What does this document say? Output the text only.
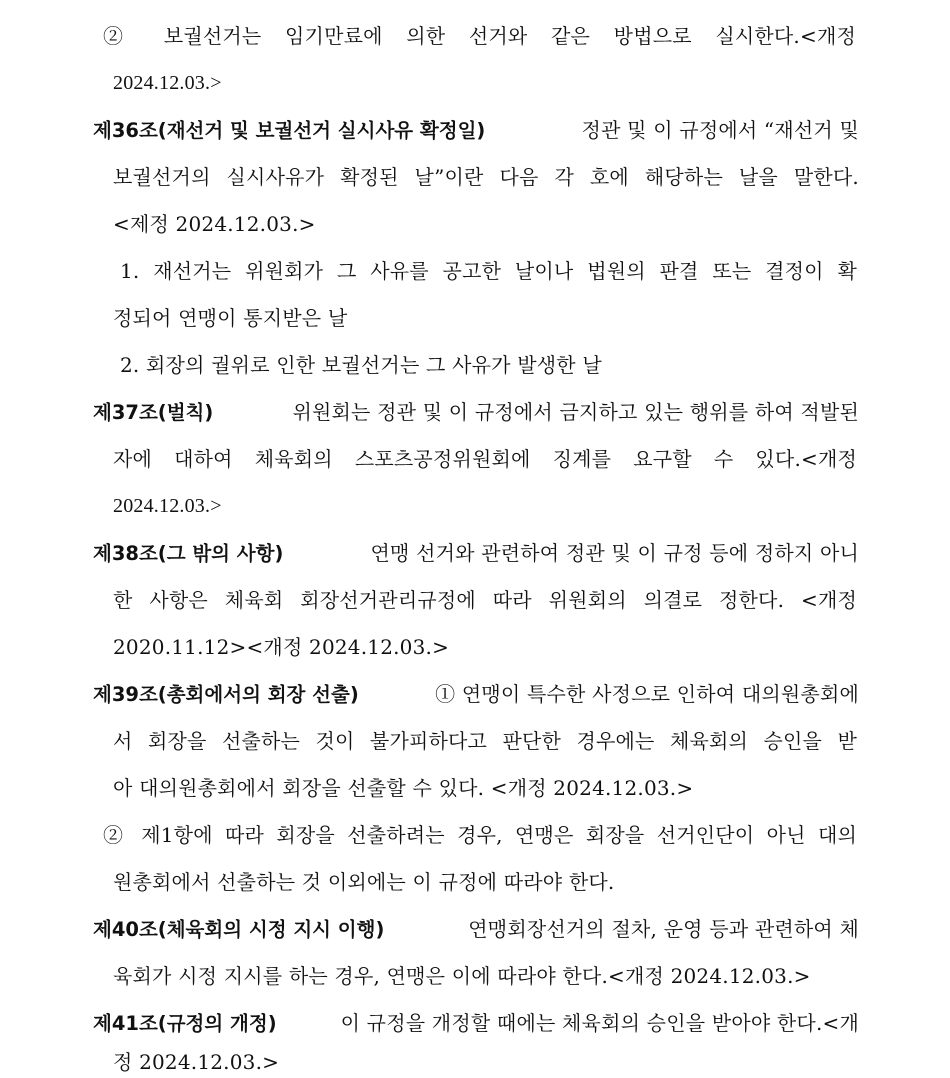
② 보궐선거는 임기만료에 의한 선거와 같은 방법으로 실시한다.<개정
2024.12.03.>
제36조(재선거 및 보궐선거 실시사유 확정일)	정관 및 이 규정에서 “재선거 및
보궐선거의 실시사유가 확정된 날”이란 다음 각 호에 해당하는 날을 말한다.
<제정 2024.12.03.>
1. 재선거는 위원회가 그 사유를 공고한 날이나 법원의 판결 또는 결정이 확
정되어 연맹이 통지받은 날
2. 회장의 궐위로 인한 보궐선거는 그 사유가 발생한 날
제37조(벌칙)	위원회는 정관 및 이 규정에서 금지하고 있는 행위를 하여 적발된
자에 대하여 체육회의 스포츠공정위원회에 징계를 요구할 수 있다.<개정
2024.12.03.>
제38조(그 밖의 사항)	연맹 선거와 관련하여 정관 및 이 규정 등에 정하지 아니
한 사항은 체육회 회장선거관리규정에 따라 위원회의 의결로 정한다. <개정
2020.11.12><개정 2024.12.03.>
제39조(총회에서의 회장 선출)	① 연맹이 특수한 사정으로 인하여 대의원총회에
서 회장을 선출하는 것이 불가피하다고 판단한 경우에는 체육회의 승인을 받
아 대의원총회에서 회장을 선출할 수 있다. <개정 2024.12.03.>
② 제1항에 따라 회장을 선출하려는 경우, 연맹은 회장을 선거인단이 아닌 대의
원총회에서 선출하는 것 이외에는 이 규정에 따라야 한다.
제40조(체육회의 시정 지시 이행)	연맹회장선거의 절차, 운영 등과 관련하여 체
육회가 시정 지시를 하는 경우, 연맹은 이에 따라야 한다.<개정 2024.12.03.>
제41조(규정의 개정)	이 규정을 개정할 때에는 체육회의 승인을 받아야 한다.<개
정 2024.12.03.>
